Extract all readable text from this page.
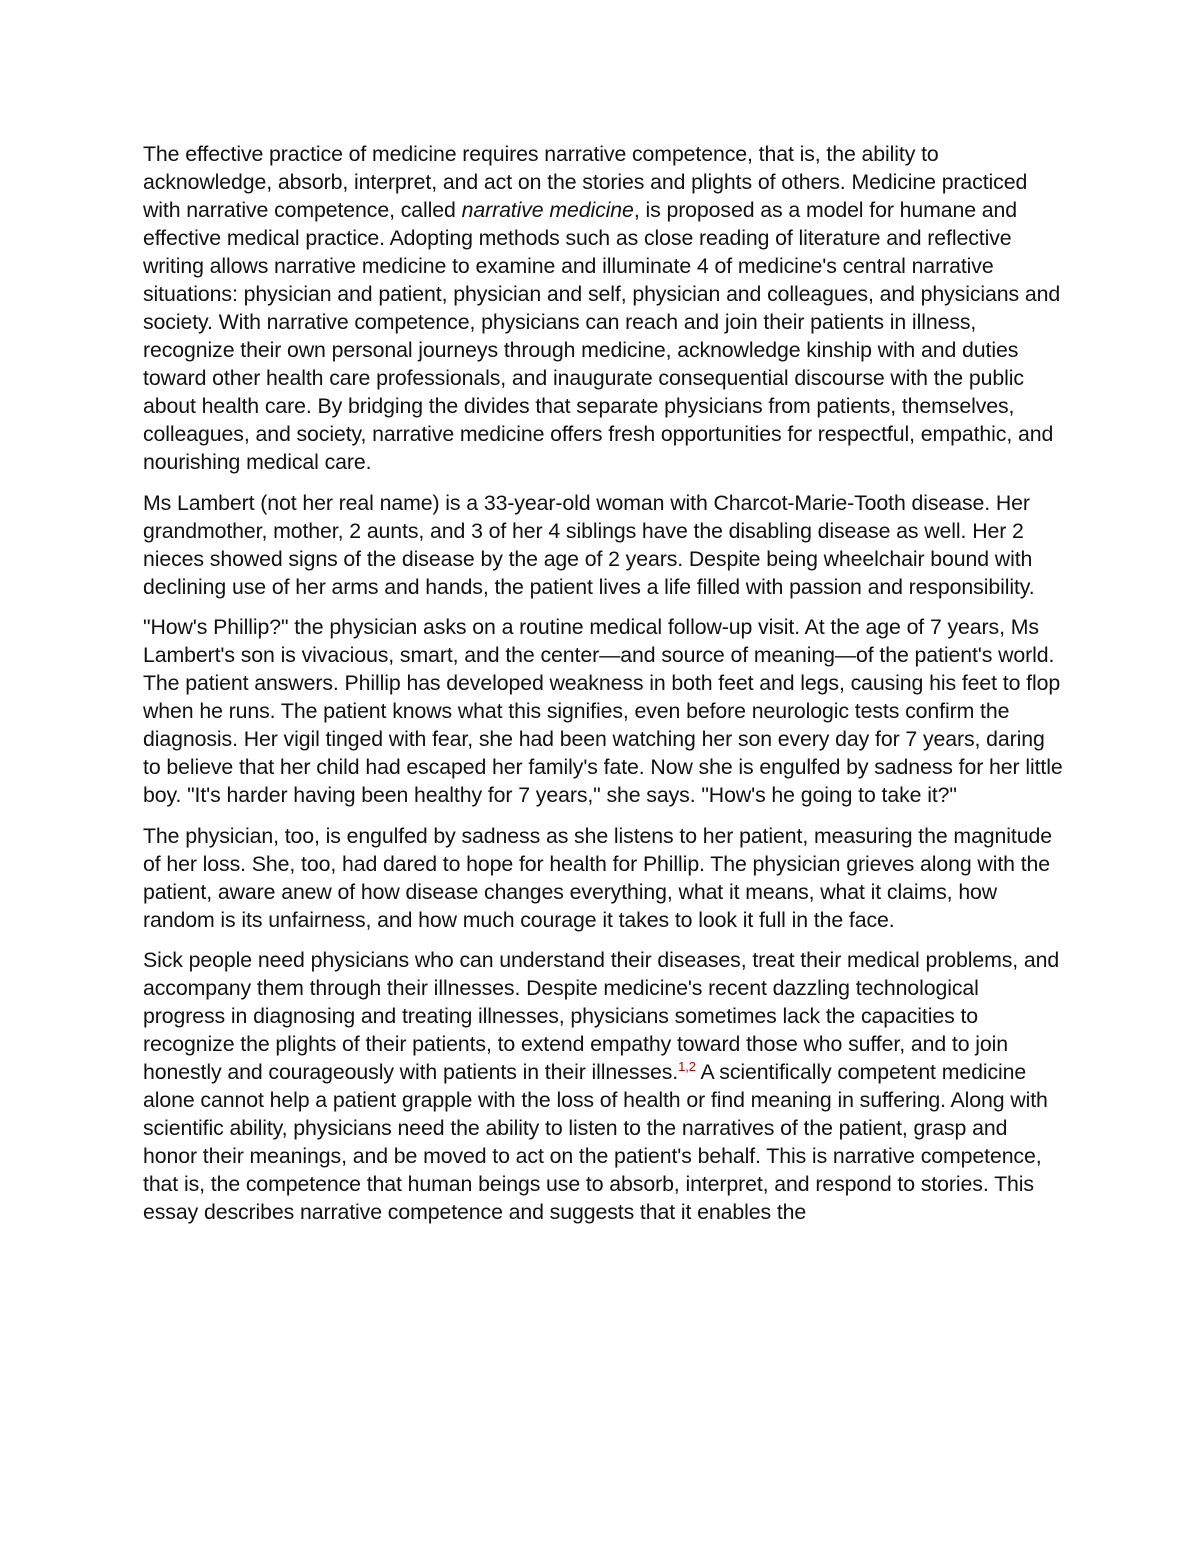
The effective practice of medicine requires narrative competence, that is, the ability to acknowledge, absorb, interpret, and act on the stories and plights of others. Medicine practiced with narrative competence, called narrative medicine, is proposed as a model for humane and effective medical practice. Adopting methods such as close reading of literature and reflective writing allows narrative medicine to examine and illuminate 4 of medicine's central narrative situations: physician and patient, physician and self, physician and colleagues, and physicians and society. With narrative competence, physicians can reach and join their patients in illness, recognize their own personal journeys through medicine, acknowledge kinship with and duties toward other health care professionals, and inaugurate consequential discourse with the public about health care. By bridging the divides that separate physicians from patients, themselves, colleagues, and society, narrative medicine offers fresh opportunities for respectful, empathic, and nourishing medical care.

Ms Lambert (not her real name) is a 33-year-old woman with Charcot-Marie-Tooth disease. Her grandmother, mother, 2 aunts, and 3 of her 4 siblings have the disabling disease as well. Her 2 nieces showed signs of the disease by the age of 2 years. Despite being wheelchair bound with declining use of her arms and hands, the patient lives a life filled with passion and responsibility.

"How's Phillip?" the physician asks on a routine medical follow-up visit. At the age of 7 years, Ms Lambert's son is vivacious, smart, and the center—and source of meaning—of the patient's world. The patient answers. Phillip has developed weakness in both feet and legs, causing his feet to flop when he runs. The patient knows what this signifies, even before neurologic tests confirm the diagnosis. Her vigil tinged with fear, she had been watching her son every day for 7 years, daring to believe that her child had escaped her family's fate. Now she is engulfed by sadness for her little boy. "It's harder having been healthy for 7 years," she says. "How's he going to take it?"

The physician, too, is engulfed by sadness as she listens to her patient, measuring the magnitude of her loss. She, too, had dared to hope for health for Phillip. The physician grieves along with the patient, aware anew of how disease changes everything, what it means, what it claims, how random is its unfairness, and how much courage it takes to look it full in the face.

Sick people need physicians who can understand their diseases, treat their medical problems, and accompany them through their illnesses. Despite medicine's recent dazzling technological progress in diagnosing and treating illnesses, physicians sometimes lack the capacities to recognize the plights of their patients, to extend empathy toward those who suffer, and to join honestly and courageously with patients in their illnesses.$^{1,2}$ A scientifically competent medicine alone cannot help a patient grapple with the loss of health or find meaning in suffering. Along with scientific ability, physicians need the ability to listen to the narratives of the patient, grasp and honor their meanings, and be moved to act on the patient's behalf. This is narrative competence, that is, the competence that human beings use to absorb, interpret, and respond to stories. This essay describes narrative competence and suggests that it enables the
